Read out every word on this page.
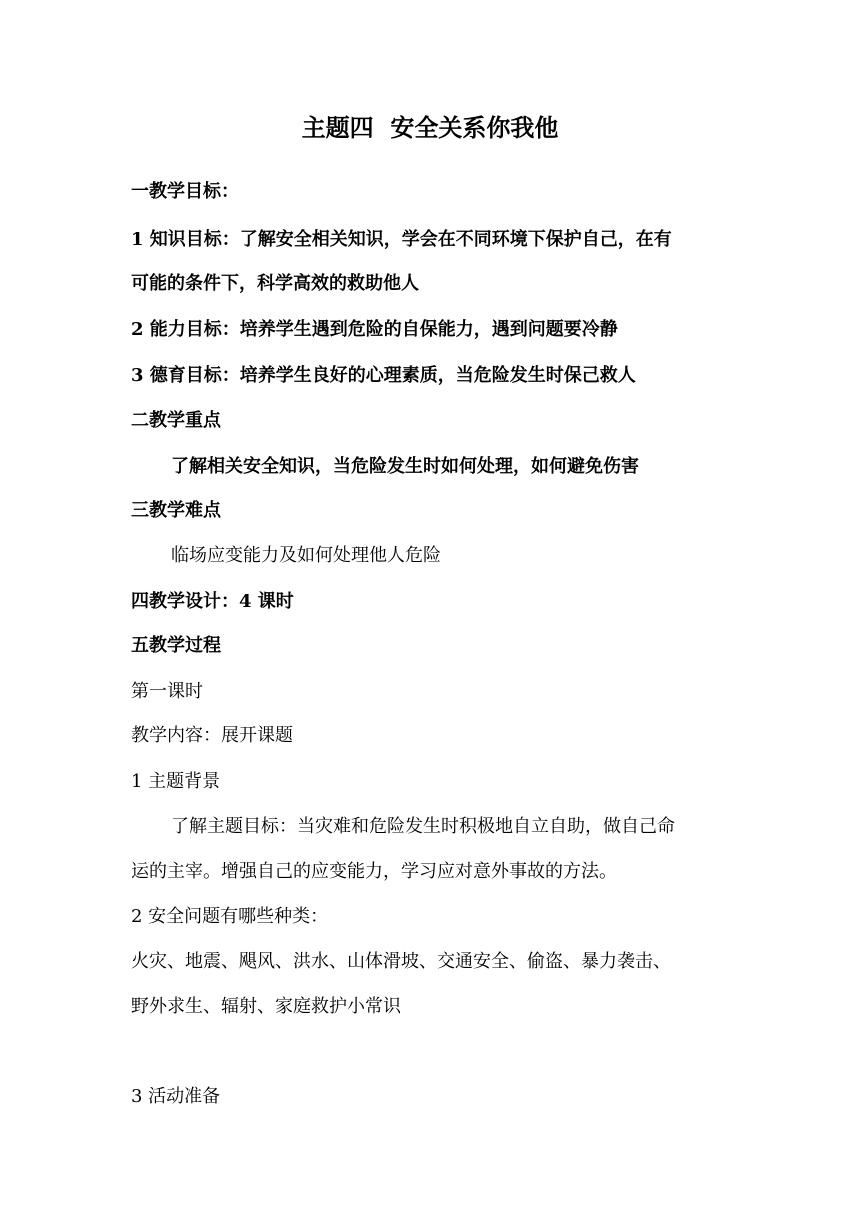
主题四  安全关系你我他
一教学目标：
1 知识目标：了解安全相关知识，学会在不同环境下保护自己，在有
可能的条件下，科学高效的救助他人
2 能力目标：培养学生遇到危险的自保能力，遇到问题要冷静
3 德育目标：培养学生良好的心理素质，当危险发生时保己救人
二教学重点
了解相关安全知识，当危险发生时如何处理，如何避免伤害
三教学难点
临场应变能力及如何处理他人危险
四教学设计：4 课时
五教学过程
第一课时
教学内容：展开课题
1 主题背景
了解主题目标：当灾难和危险发生时积极地自立自助，做自己命
运的主宰。增强自己的应变能力，学习应对意外事故的方法。
2 安全问题有哪些种类：
火灾、地震、飓风、洪水、山体滑坡、交通安全、偷盗、暴力袭击、
野外求生、辐射、家庭救护小常识
3 活动准备
